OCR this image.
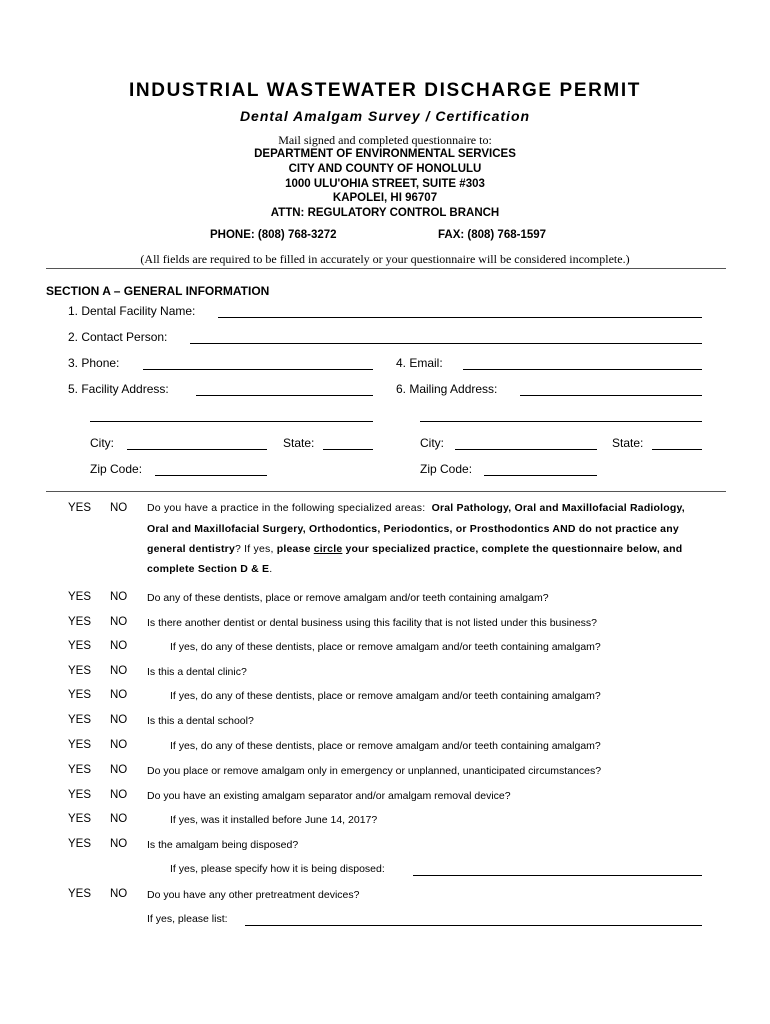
INDUSTRIAL WASTEWATER DISCHARGE PERMIT
Dental Amalgam Survey / Certification
Mail signed and completed questionnaire to:
DEPARTMENT OF ENVIRONMENTAL SERVICES
CITY AND COUNTY OF HONOLULU
1000 ULU'OHIA STREET, SUITE #303
KAPOLEI, HI 96707
ATTN: REGULATORY CONTROL BRANCH
PHONE: (808) 768-3272	FAX: (808) 768-1597
(All fields are required to be filled in accurately or your questionnaire will be considered incomplete.)
SECTION A – GENERAL INFORMATION
1. Dental Facility Name:
2. Contact Person:
3. Phone:	4. Email:
5. Facility Address:	6. Mailing Address:
City:	State:	City:	State:
Zip Code:	Zip Code:
YES NO Do you have a practice in the following specialized areas: Oral Pathology, Oral and Maxillofacial Radiology,
Oral and Maxillofacial Surgery, Orthodontics, Periodontics, or Prosthodontics AND do not practice any
general dentistry? If yes, please circle your specialized practice, complete the questionnaire below, and
complete Section D & E.
YES NO Do any of these dentists, place or remove amalgam and/or teeth containing amalgam?
YES NO Is there another dentist or dental business using this facility that is not listed under this business?
YES NO	If yes, do any of these dentists, place or remove amalgam and/or teeth containing amalgam?
YES NO Is this a dental clinic?
YES NO	If yes, do any of these dentists, place or remove amalgam and/or teeth containing amalgam?
YES NO Is this a dental school?
YES NO	If yes, do any of these dentists, place or remove amalgam and/or teeth containing amalgam?
YES NO Do you place or remove amalgam only in emergency or unplanned, unanticipated circumstances?
YES NO Do you have an existing amalgam separator and/or amalgam removal device?
YES NO	If yes, was it installed before June 14, 2017?
YES NO Is the amalgam being disposed?
If yes, please specify how it is being disposed:
YES NO Do you have any other pretreatment devices?
If yes, please list:
